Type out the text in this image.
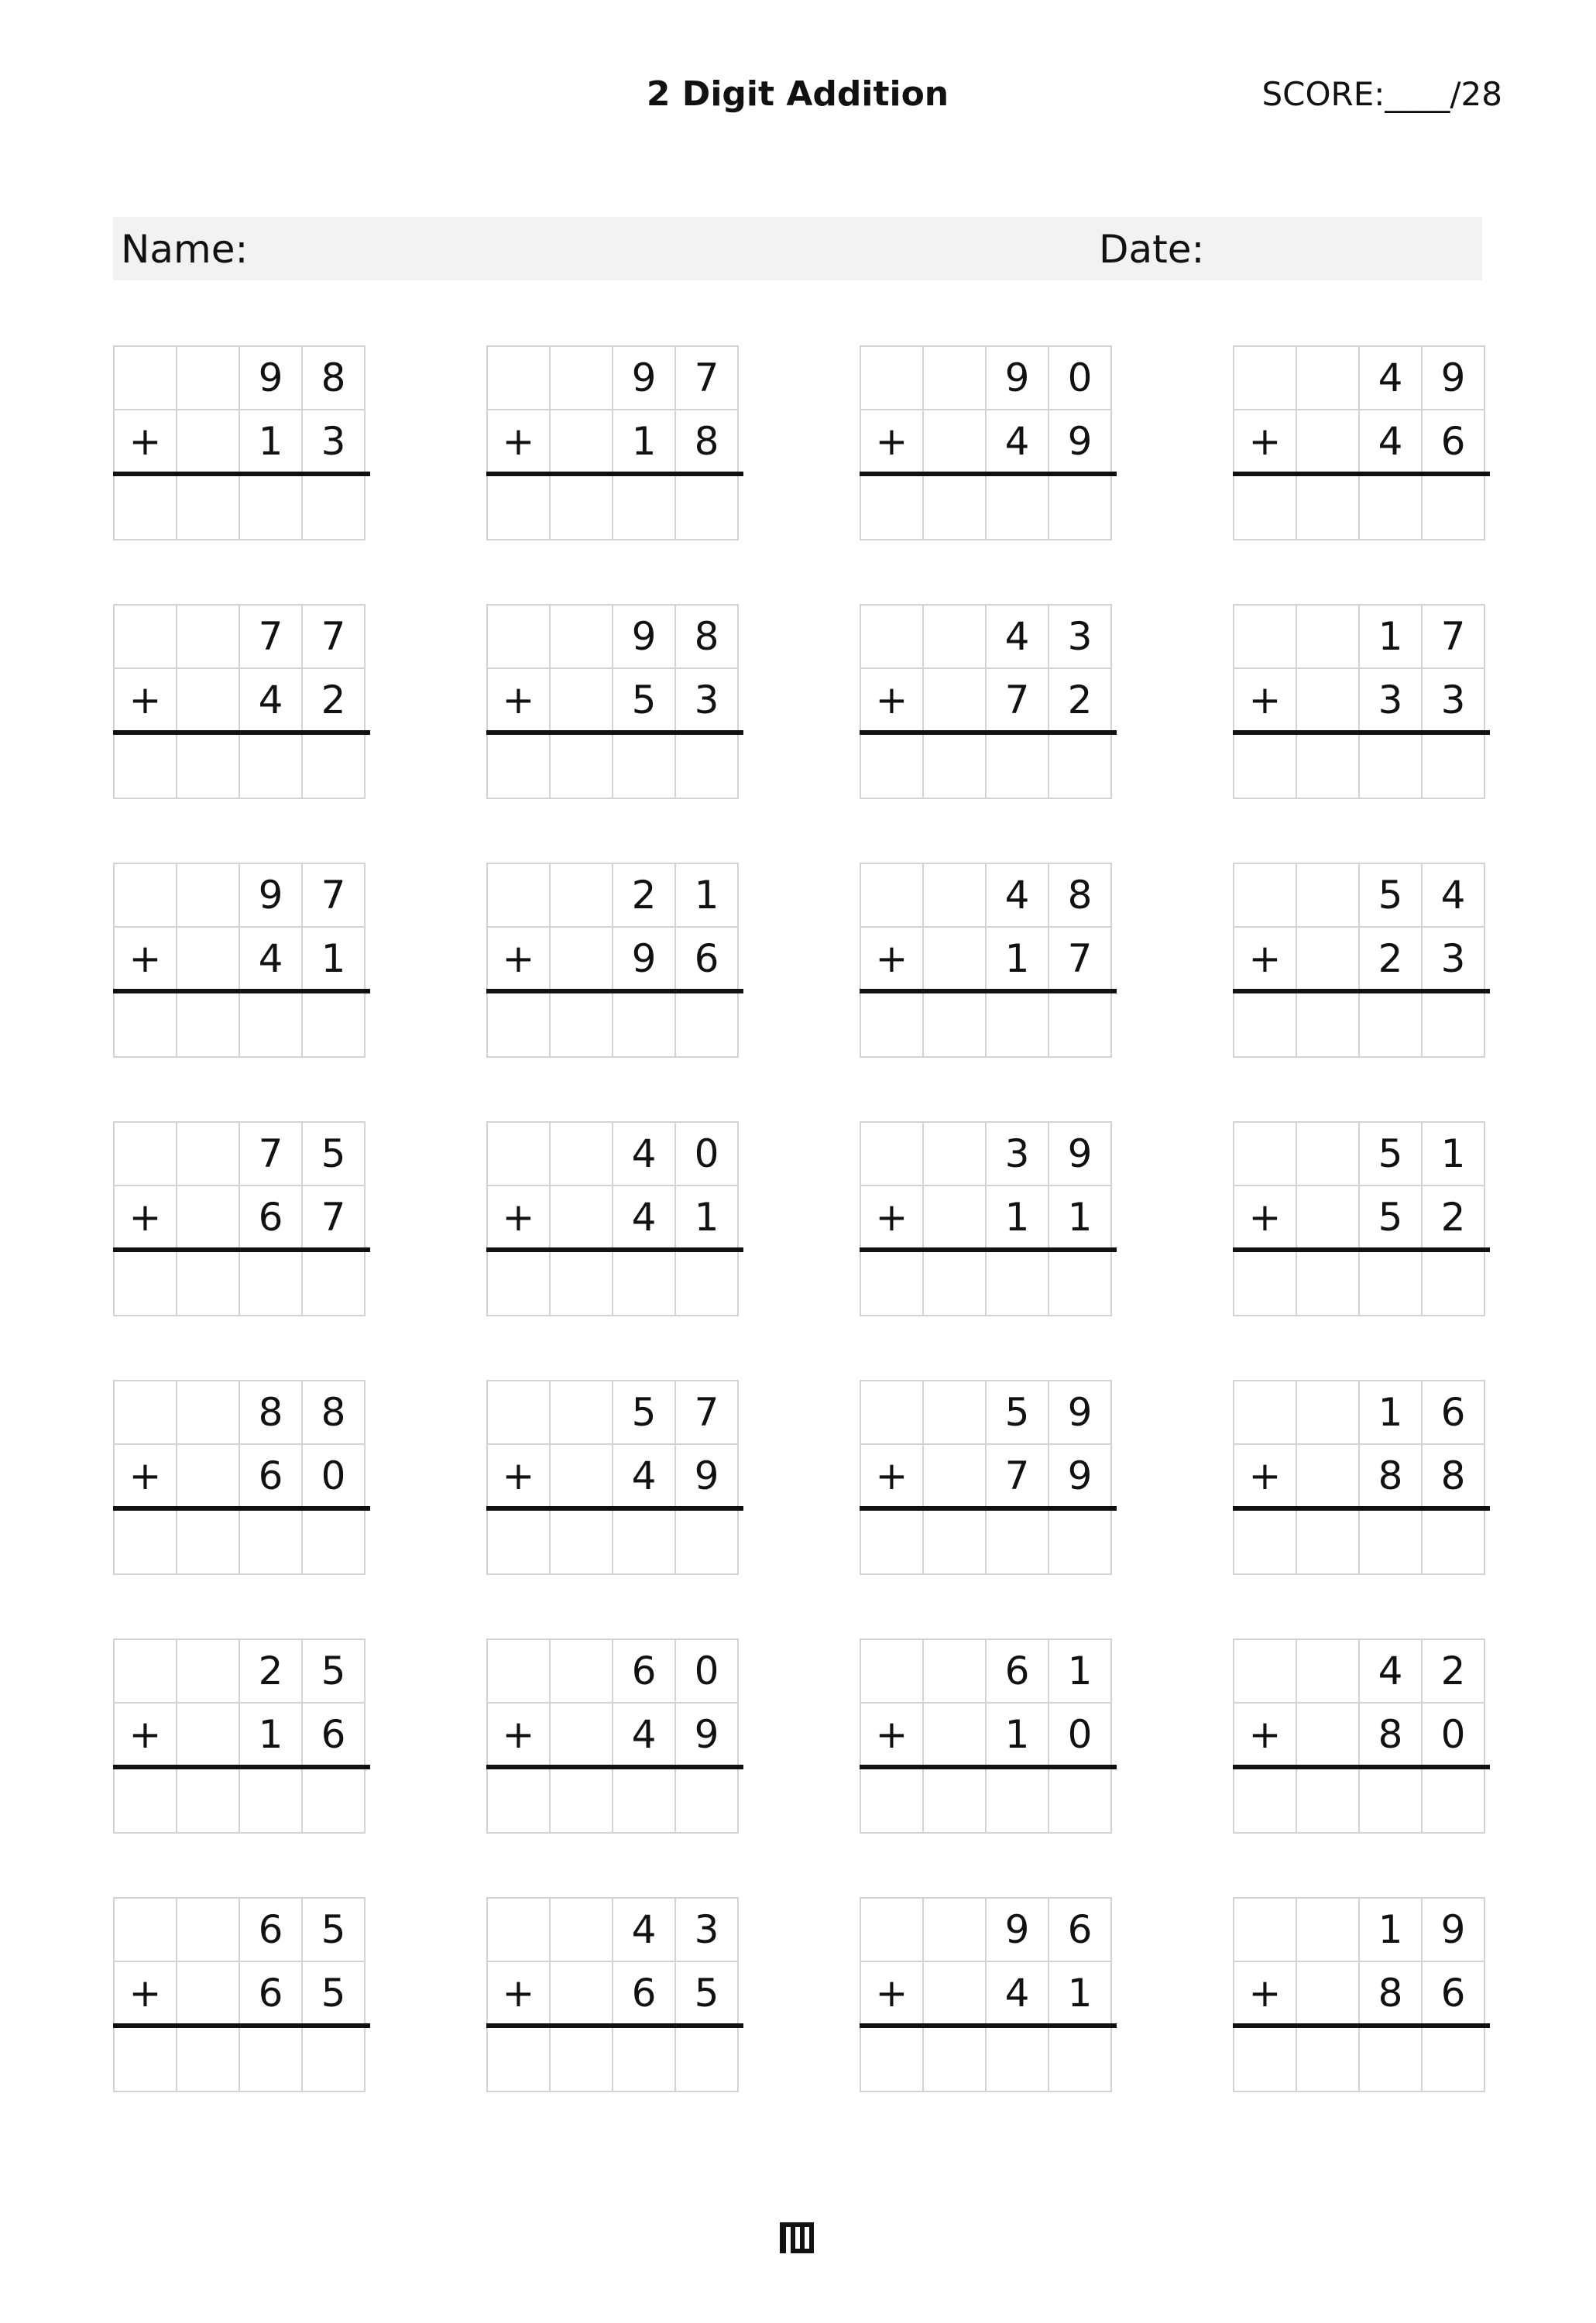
2 Digit Addition	SCORE:____/28
Name:	Date:
9 8
+	1 3
9 7
+	1 8
9 0
+	4 9
4 9
+	4 6
7 7
+	4 2
9 8
+	5 3
4 3
+	7 2
1 7
+	3 3
9 7
+	4 1
2 1
+	9 6
4 8
+	1 7
5 4
+	2 3
7 5
+	6 7
4 0
+	4 1
3 9
+	1 1
5 1
+	5 2
8 8
+	6 0
5 7
+	4 9
5 9
+	7 9
1 6
+	8 8
2 5
+	1 6
6 0
+	4 9
6 1
+	1 0
4 2
+	8 0
6 5
+	6 5
4 3
+	6 5
9 6
+	4 1
1 9
+	8 6
